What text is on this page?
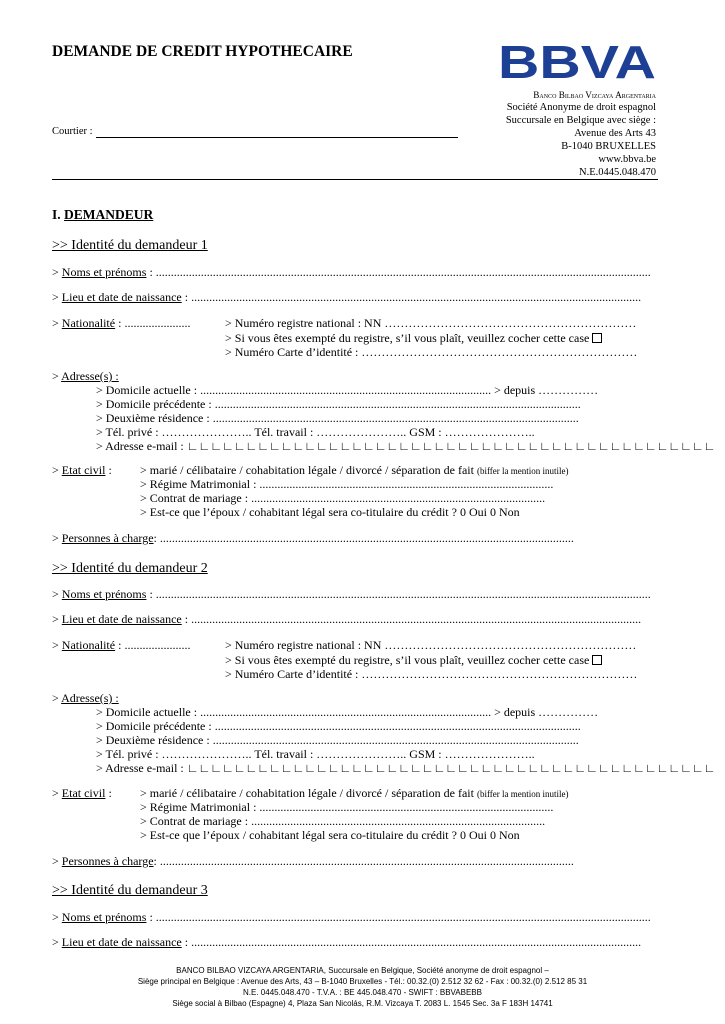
DEMANDE DE CREDIT HYPOTHECAIRE	BBVA
Banco Bilbao Vizcaya Argentaria
Société Anonyme de droit espagnol
Succursale en Belgique avec siège :
Avenue des Arts 43
B-1040 BRUXELLES
www.bbva.be
N.E.0445.048.470
Courtier :
I. DEMANDEUR
>> Identité du demandeur 1
> Noms et prénoms : .....................................................................................................................................................................
> Lieu et date de naissance : ......................................................................................................................................................
> Nationalité : ......................	> Numéro registre national : NN ………………………………………………………
> Si vous êtes exempté du registre, s’il vous plaît, veuillez cocher cette case
> Numéro Carte d’identité : ……………………………………………………………
> Adresse(s) :
> Domicile actuelle : ................................................................................................. > depuis ……………
> Domicile précédente : ..........................................................................................................................
> Deuxième résidence : ..........................................................................................................................
> Tél. privé : ………………….. Tél. travail : ………………….. GSM : …………………..
> Adresse e-mail : ∟∟∟∟∟∟∟∟∟∟∟∟∟∟∟∟∟∟∟∟∟∟∟∟∟∟∟∟∟∟∟∟∟∟∟∟∟∟∟∟∟∟∟∟∟
> Etat civil : > marié / célibataire / cohabitation légale / divorcé / séparation de fait (biffer la mention inutile)
> Régime Matrimonial : ..................................................................................................
> Contrat de mariage : ..................................................................................................
> Est-ce que l’époux / cohabitant légal sera co-titulaire du crédit ? 0 Oui 0 Non
> Personnes à charge: ..........................................................................................................................................
>> Identité du demandeur 2
> Noms et prénoms : .....................................................................................................................................................................
> Lieu et date de naissance : ......................................................................................................................................................
> Nationalité : ......................	> Numéro registre national : NN ………………………………………………………
> Si vous êtes exempté du registre, s’il vous plaît, veuillez cocher cette case
> Numéro Carte d’identité : ……………………………………………………………
> Adresse(s) :
> Domicile actuelle : ................................................................................................. > depuis ……………
> Domicile précédente : ..........................................................................................................................
> Deuxième résidence : ..........................................................................................................................
> Tél. privé : ………………….. Tél. travail : ………………….. GSM : …………………..
> Adresse e-mail : ∟∟∟∟∟∟∟∟∟∟∟∟∟∟∟∟∟∟∟∟∟∟∟∟∟∟∟∟∟∟∟∟∟∟∟∟∟∟∟∟∟∟∟∟∟
> Etat civil : > marié / célibataire / cohabitation légale / divorcé / séparation de fait (biffer la mention inutile)
> Régime Matrimonial : ..................................................................................................
> Contrat de mariage : ..................................................................................................
> Est-ce que l’époux / cohabitant légal sera co-titulaire du crédit ? 0 Oui 0 Non
> Personnes à charge: ..........................................................................................................................................
>> Identité du demandeur 3
> Noms et prénoms : .....................................................................................................................................................................
> Lieu et date de naissance : ......................................................................................................................................................
BANCO BILBAO VIZCAYA ARGENTARIA, Succursale en Belgique, Société anonyme de droit espagnol –
Siège principal en Belgique : Avenue des Arts, 43 – B-1040 Bruxelles - Tél.: 00.32.(0) 2.512 32 62 - Fax : 00.32.(0) 2.512 85 31
N.E. 0445.048.470 - T.V.A. : BE 445.048.470 - SWIFT : BBVABEBB
Siège social à Bilbao (Espagne) 4, Plaza San Nicolás, R.M. Vizcaya T. 2083 L. 1545 Sec. 3a F 183H 14741
